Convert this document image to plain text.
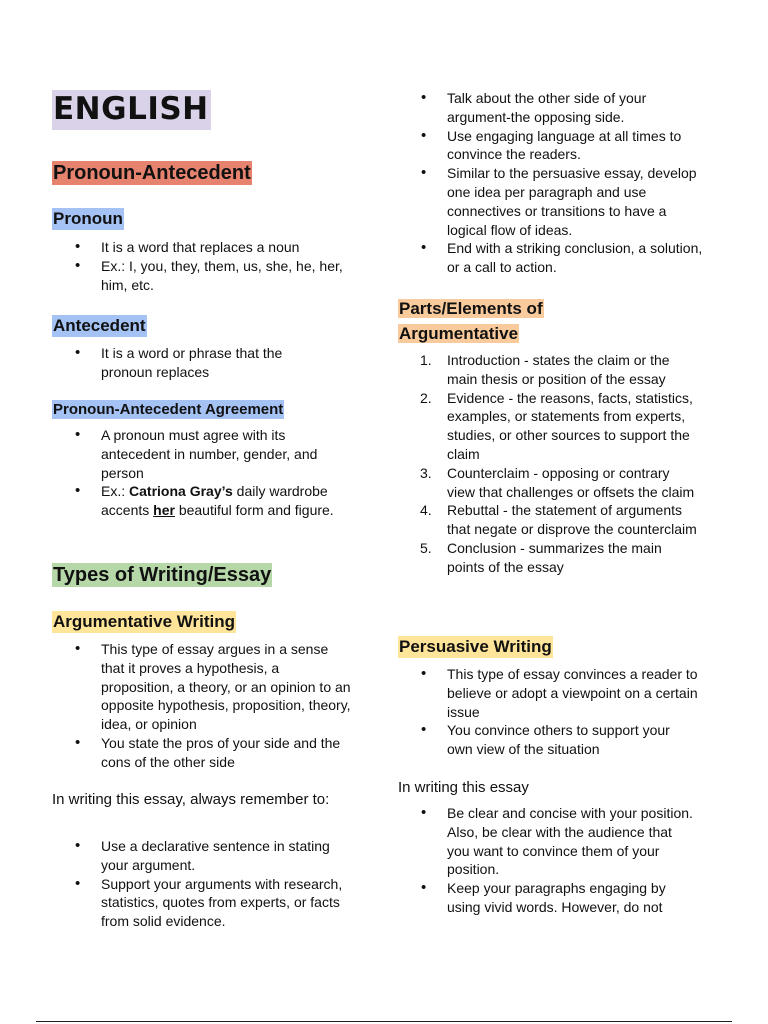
ENGLISH
Pronoun-Antecedent
Pronoun
• It is a word that replaces a noun
• Ex.: I, you, they, them, us, she, he, her, him, etc.
Antecedent
• It is a word or phrase that the pronoun replaces
Pronoun-Antecedent Agreement
• A pronoun must agree with its antecedent in number, gender, and person
• Ex.: Catriona Gray’s daily wardrobe accents her beautiful form and figure.
Types of Writing/Essay
Argumentative Writing
• This type of essay argues in a sense that it proves a hypothesis, a proposition, a theory, or an opinion to an opposite hypothesis, proposition, theory, idea, or opinion
• You state the pros of your side and the cons of the other side
In writing this essay, always remember to:
• Use a declarative sentence in stating your argument.
• Support your arguments with research, statistics, quotes from experts, or facts from solid evidence.
• Talk about the other side of your argument-the opposing side.
• Use engaging language at all times to convince the readers.
• Similar to the persuasive essay, develop one idea per paragraph and use connectives or transitions to have a logical flow of ideas.
• End with a striking conclusion, a solution, or a call to action.
Parts/Elements of
Argumentative
1. Introduction - states the claim or the main thesis or position of the essay
2. Evidence - the reasons, facts, statistics, examples, or statements from experts, studies, or other sources to support the claim
3. Counterclaim - opposing or contrary view that challenges or offsets the claim
4. Rebuttal - the statement of arguments that negate or disprove the counterclaim
5. Conclusion - summarizes the main points of the essay
Persuasive Writing
• This type of essay convinces a reader to believe or adopt a viewpoint on a certain issue
• You convince others to support your own view of the situation
In writing this essay
• Be clear and concise with your position. Also, be clear with the audience that you want to convince them of your position.
• Keep your paragraphs engaging by using vivid words. However, do not
